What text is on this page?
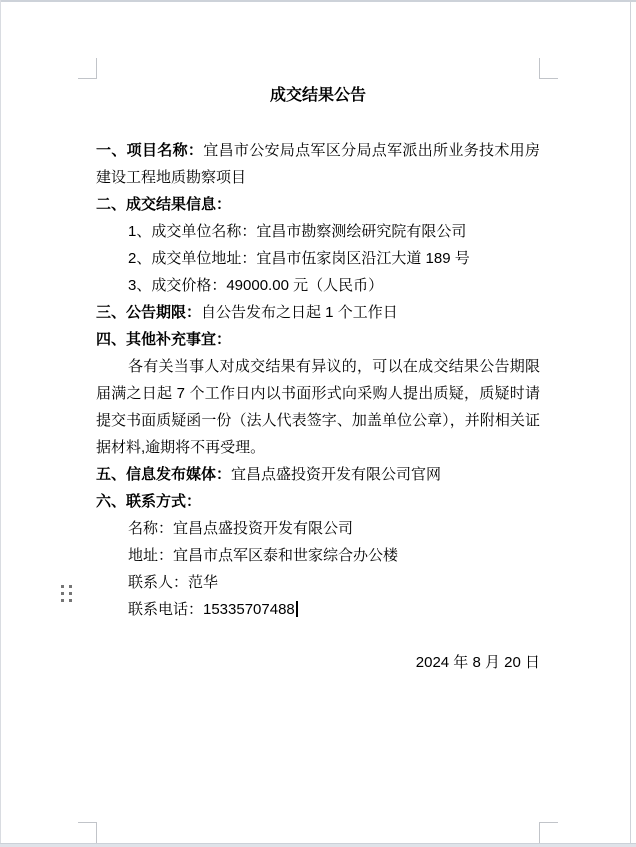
成交结果公告

一、项目名称：宜昌市公安局点军区分局点军派出所业务技术用房建设工程地质勘察项目

二、成交结果信息：

1、成交单位名称：宜昌市勘察测绘研究院有限公司

2、成交单位地址：宜昌市伍家岗区沿江大道 189 号

3、成交价格：49000.00 元（人民币）

三、公告期限：自公告发布之日起 1 个工作日

四、其他补充事宜：

各有关当事人对成交结果有异议的，可以在成交结果公告期限届满之日起 7 个工作日内以书面形式向采购人提出质疑，质疑时请提交书面质疑函一份（法人代表签字、加盖单位公章），并附相关证据材料,逾期将不再受理。

五、信息发布媒体：宜昌点盛投资开发有限公司官网

六、联系方式：

名称：宜昌点盛投资开发有限公司

地址：宜昌市点军区泰和世家综合办公楼

联系人：范华

联系电话：15335707488

2024 年 8 月 20 日
